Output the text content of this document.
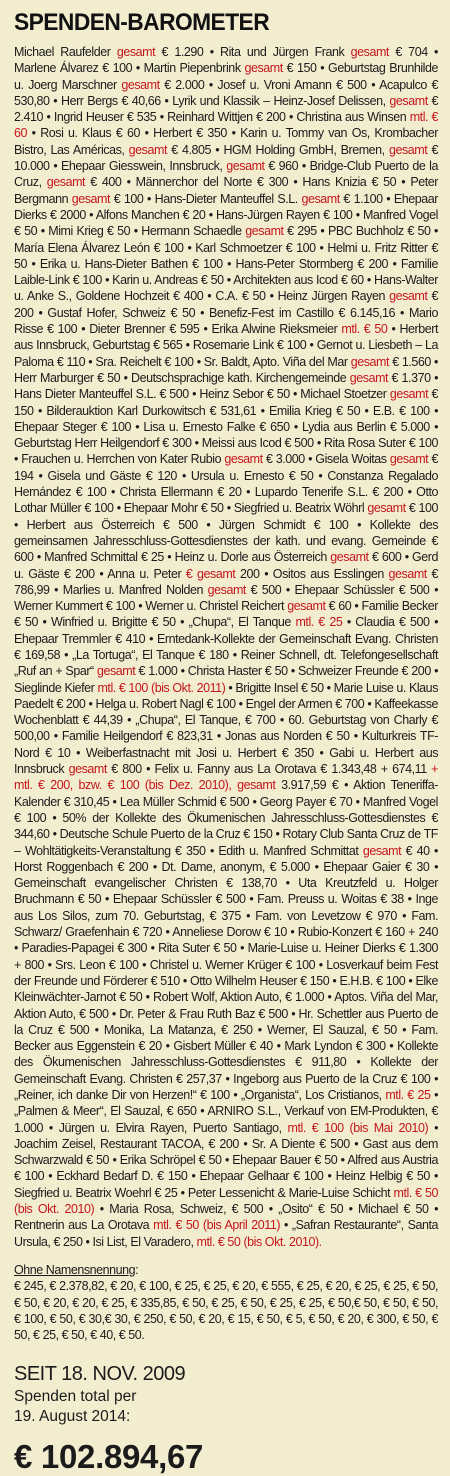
SPENDEN-BAROMETER
Michael Raufelder gesamt € 1.290 • Rita und Jürgen Frank gesamt € 704 • Marlene Álvarez € 100 • Martin Piepenbrink gesamt € 150 • Geburtstag Brunhilde u. Joerg Marschner gesamt € 2.000 • Josef u. Vroni Amann € 500 • Acapulco € 530,80 • Herr Bergs € 40,66 • Lyrik und Klassik – Heinz-Josef Delissen, gesamt € 2.410 • Ingrid Heuser € 535 • Reinhard Wittjen € 200 • Christina aus Winsen mtl. € 60 • Rosi u. Klaus € 60 • Herbert € 350 • Karin u. Tommy van Os, Krombacher Bistro, Las Américas, gesamt € 4.805 • HGM Holding GmbH, Bremen, gesamt € 10.000 • Ehepaar Giesswein, Innsbruck, gesamt € 960 • Bridge-Club Puerto de la Cruz, gesamt € 400 • Männerchor del Norte € 300 • Hans Knizia € 50 • Peter Bergmann gesamt € 100 • Hans-Dieter Manteuffel S.L. gesamt € 1.100 • Ehepaar Dierks € 2000 • Alfons Manchen € 20 • Hans-Jürgen Rayen € 100 • Manfred Vogel € 50 • Mimi Krieg € 50 • Hermann Schaedle gesamt € 295 • PBC Buchholz € 50 • María Elena Álvarez León € 100 • Karl Schmoetzer € 100 • Helmi u. Fritz Ritter € 50 • Erika u. Hans-Dieter Bathen € 100 • Hans-Peter Stormberg € 200 • Familie Laible-Link € 100 • Karin u. Andreas € 50 • Architekten aus Icod € 60 • Hans-Walter u. Anke S., Goldene Hochzeit € 400 • C.A. € 50 • Heinz Jürgen Rayen gesamt € 200 • Gustaf Hofer, Schweiz € 50 • Benefiz-Fest im Castillo € 6.145,16 • Mario Risse € 100 • Dieter Brenner € 595 • Erika Alwine Rieksmeier mtl. € 50 • Herbert aus Innsbruck, Geburtstag € 565 • Rosemarie Link € 100 • Gernot u. Liesbeth – La Paloma € 110 • Sra. Reichelt € 100 • Sr. Baldt, Apto. Viña del Mar gesamt € 1.560 • Herr Marburger € 50 • Deutschsprachige kath. Kirchengemeinde gesamt € 1.370 • Hans Dieter Manteuffel S.L. € 500 • Heinz Sebor € 50 • Michael Stoetzer gesamt € 150 • Bilderauktion Karl Durkowitsch € 531,61 • Emilia Krieg € 50 • E.B. € 100 • Ehepaar Steger € 100 • Lisa u. Ernesto Falke € 650 • Lydia aus Berlin € 5.000 • Geburtstag Herr Heilgendorf € 300 • Meissi aus Icod € 500 • Rita Rosa Suter € 100 • Frauchen u. Herrchen von Kater Rubio gesamt € 3.000 • Gisela Woitas gesamt € 194 • Gisela und Gäste € 120 • Ursula u. Ernesto € 50 • Constanza Regalado Hernández € 100 • Christa Ellermann € 20 • Lupardo Tenerife S.L. € 200 • Otto Lothar Müller € 100 • Ehepaar Mohr € 50 • Siegfried u. Beatrix Wöhrl gesamt € 100 • Herbert aus Österreich € 500 • Jürgen Schmidt € 100 • Kollekte des gemeinsamen Jahresschluss-Gottesdienstes der kath. und evang. Gemeinde € 600 • Manfred Schmittal € 25 • Heinz u. Dorle aus Österreich gesamt € 600 • Gerd u. Gäste € 200 • Anna u. Peter € gesamt 200 • Ositos aus Esslingen gesamt € 786,99 • Marlies u. Manfred Nolden gesamt € 500 • Ehepaar Schüssler € 500 • Werner Kummert € 100 • Werner u. Christel Reichert gesamt € 60 • Familie Becker € 50 • Winfried u. Brigitte € 50 • „Chupa“, El Tanque mtl. € 25 • Claudia € 500 • Ehepaar Tremmler € 410 • Erntedank-Kollekte der Gemeinschaft Evang. Christen € 169,58 • „La Tortuga“, El Tanque € 180 • Reiner Schnell, dt. Telefongesellschaft „Ruf an + Spar“ gesamt € 1.000 • Christa Haster € 50 • Schweizer Freunde € 200 • Sieglinde Kiefer mtl. € 100 (bis Okt. 2011) • Brigitte Insel € 50 • Marie Luise u. Klaus Paedelt € 200 • Helga u. Robert Nagl € 100 • Engel der Armen € 700 • Kaffeekasse Wochenblatt € 44,39 • „Chupa“, El Tanque, € 700 • 60. Geburtstag von Charly € 500,00 • Familie Heilgendorf € 823,31 • Jonas aus Norden € 50 • Kulturkreis TF-Nord € 10 • Weiberfastnacht mit Josi u. Herbert € 350 • Gabi u. Herbert aus Innsbruck gesamt € 800 • Felix u. Fanny aus La Orotava € 1.343,48 + 674,11 + mtl. € 200, bzw. € 100 (bis Dez. 2010), gesamt 3.917,59 € • Aktion Teneriffa-Kalender € 310,45 • Lea Müller Schmid € 500 • Georg Payer € 70 • Manfred Vogel € 100 • 50% der Kollekte des Ökumenischen Jahresschluss-Gottesdienstes € 344,60 • Deutsche Schule Puerto de la Cruz € 150 • Rotary Club Santa Cruz de TF – Wohltätigkeits-Veranstaltung € 350 • Edith u. Manfred Schmittat gesamt € 40 • Horst Roggenbach € 200 • Dt. Dame, anonym, € 5.000 • Ehepaar Gaier € 30 • Gemeinschaft evangelischer Christen € 138,70 • Uta Kreutzfeld u. Holger Bruchmann € 50 • Ehepaar Schüssler € 500 • Fam. Preuss u. Woitas € 38 • Inge aus Los Silos, zum 70. Geburtstag, € 375 • Fam. von Levetzow € 970 • Fam. Schwarz/ Graefenhain € 720 • Anneliese Dorow € 10 • Rubio-Konzert € 160 + 240 • Paradies-Papagei € 300 • Rita Suter € 50 • Marie-Luise u. Heiner Dierks € 1.300 + 800 • Srs. Leon € 100 • Christel u. Werner Krüger € 100 • Losverkauf beim Fest der Freunde und Förderer € 510 • Otto Wilhelm Heuser € 150 • E.H.B. € 100 • Elke Kleinwächter-Jarnot € 50 • Robert Wolf, Aktion Auto, € 1.000 • Aptos. Viña del Mar, Aktion Auto, € 500 • Dr. Peter & Frau Ruth Baz € 500 • Hr. Schettler aus Puerto de la Cruz € 500 • Monika, La Matanza, € 250 • Werner, El Sauzal, € 50 • Fam. Becker aus Eggenstein € 20 • Gisbert Müller € 40 • Mark Lyndon € 300 • Kollekte des Ökumenischen Jahresschluss-Gottesdienstes € 911,80 • Kollekte der Gemeinschaft Evang. Christen € 257,37 • Ingeborg aus Puerto de la Cruz € 100 • „Reiner, ich danke Dir von Herzen!“ € 100 • „Organista“, Los Cristianos, mtl. € 25 • „Palmen & Meer“, El Sauzal, € 650 • ARNIRO S.L., Verkauf von EM-Produkten, € 1.000 • Jürgen u. Elvira Rayen, Puerto Santiago, mtl. € 100 (bis Mai 2010) • Joachim Zeisel, Restaurant TACOA, € 200 • Sr. A Diente € 500 • Gast aus dem Schwarzwald € 50 • Erika Schröpel € 50 • Ehepaar Bauer € 50 • Alfred aus Austria € 100 • Eckhard Bedarf D. € 150 • Ehepaar Gelhaar € 100 • Heinz Helbig € 50 • Siegfried u. Beatrix Woehrl € 25 • Peter Lessenicht & Marie-Luise Schicht mtl. € 50 (bis Okt. 2010) • Maria Rosa, Schweiz, € 500 • „Osito“ € 50 • Michael € 50 • Rentnerin aus La Orotava mtl. € 50 (bis April 2011) • „Safran Restaurante“, Santa Ursula, € 250 • Isi List, El Varadero, mtl. € 50 (bis Okt. 2010).
Ohne Namensnennung:
€ 245, € 2.378,82, € 20, € 100, € 25, € 25, € 20, € 555, € 25, € 20, € 25, € 25, € 50, € 50, € 20, € 20, € 25, € 335,85, € 50, € 25, € 50, € 25, € 25, € 50,€ 50, € 50, € 50, € 100, € 50, € 30,€ 30, € 250, € 50, € 20, € 15, € 50, € 5, € 50, € 20, € 300, € 50, € 50, € 25, € 50, € 40, € 50.
SEIT 18. NOV. 2009
Spenden total per
19. August 2014:
€ 102.894,67
